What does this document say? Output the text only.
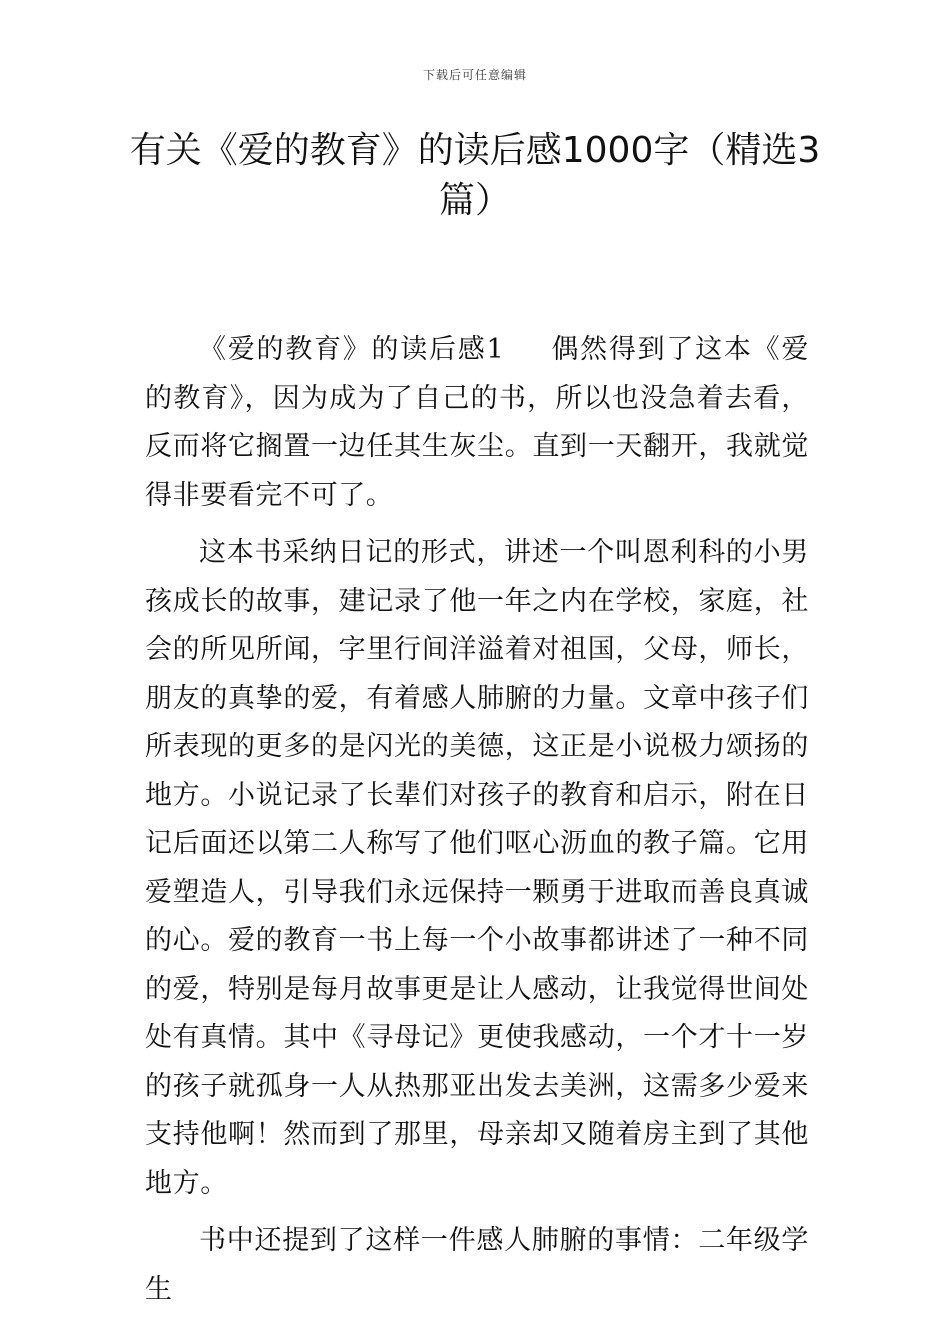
下载后可任意编辑
有关《爱的教育》的读后感1000字（精选3篇）

《爱的教育》的读后感1 偶然得到了这本《爱的教育》，因为成为了自己的书，所以也没急着去看，反而将它搁置一边任其生灰尘。直到一天翻开，我就觉得非要看完不可了。

这本书采纳日记的形式，讲述一个叫恩利科的小男孩成长的故事，建记录了他一年之内在学校，家庭，社会的所见所闻，字里行间洋溢着对祖国，父母，师长，朋友的真挚的爱，有着感人肺腑的力量。文章中孩子们所表现的更多的是闪光的美德，这正是小说极力颂扬的地方。小说记录了长辈们对孩子的教育和启示，附在日记后面还以第二人称写了他们呕心沥血的教子篇。它用爱塑造人，引导我们永远保持一颗勇于进取而善良真诚的心。爱的教育一书上每一个小故事都讲述了一种不同的爱，特别是每月故事更是让人感动，让我觉得世间处处有真情。其中《寻母记》更使我感动，一个才十一岁的孩子就孤身一人从热那亚出发去美洲，这需多少爱来支持他啊！然而到了那里，母亲却又随着房主到了其他地方。

书中还提到了这样一件感人肺腑的事情：二年级学生
